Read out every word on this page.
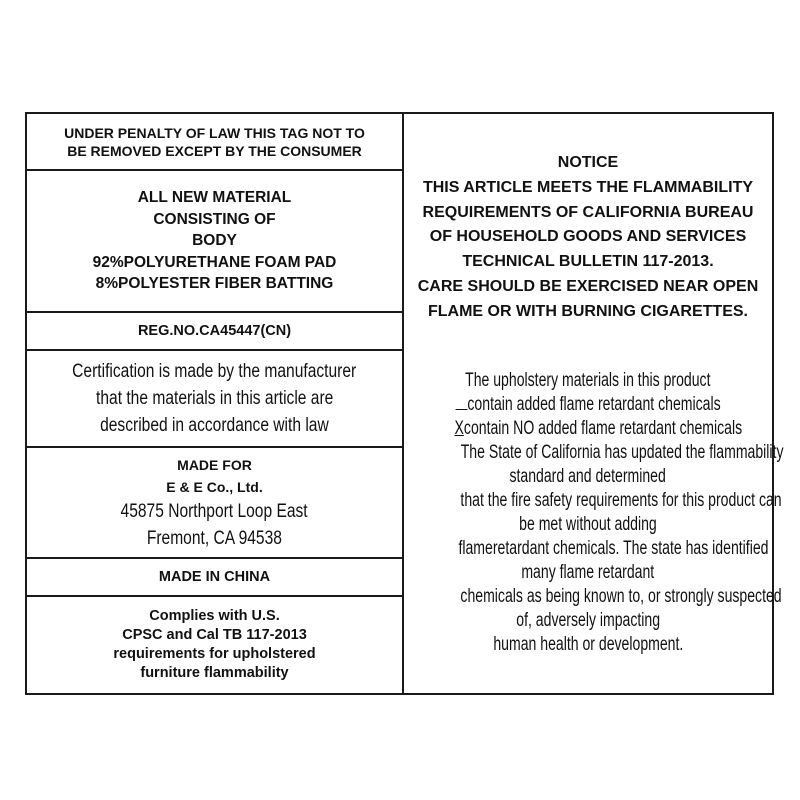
UNDER PENALTY OF LAW THIS TAG NOT TO
BE REMOVED EXCEPT BY THE CONSUMER
ALL NEW MATERIAL
CONSISTING OF
BODY
92%POLYURETHANE FOAM PAD
8%POLYESTER FIBER BATTING
REG.NO.CA45447(CN)
Certification is made by the manufacturer
that the materials in this article are
described in accordance with law
MADE FOR
E & E Co., Ltd.
45875 Northport Loop East
Fremont, CA 94538
MADE IN CHINA
Complies with U.S.
CPSC and Cal TB 117-2013
requirements for upholstered
furniture flammability
NOTICE
THIS ARTICLE MEETS THE FLAMMABILITY
REQUIREMENTS OF CALIFORNIA BUREAU
OF HOUSEHOLD GOODS AND SERVICES
TECHNICAL BULLETIN 117-2013.
CARE SHOULD BE EXERCISED NEAR OPEN
FLAME OR WITH BURNING CIGARETTES.
The upholstery materials in this product
contain added flame retardant chemicals
Xcontain NO added flame retardant chemicals
The State of California has updated the flammability
standard and determined
that the fire safety requirements for this product can
be met without adding
flameretardant chemicals. The state has identified
many flame retardant
chemicals as being known to, or strongly suspected
of, adversely impacting
human health or development.
